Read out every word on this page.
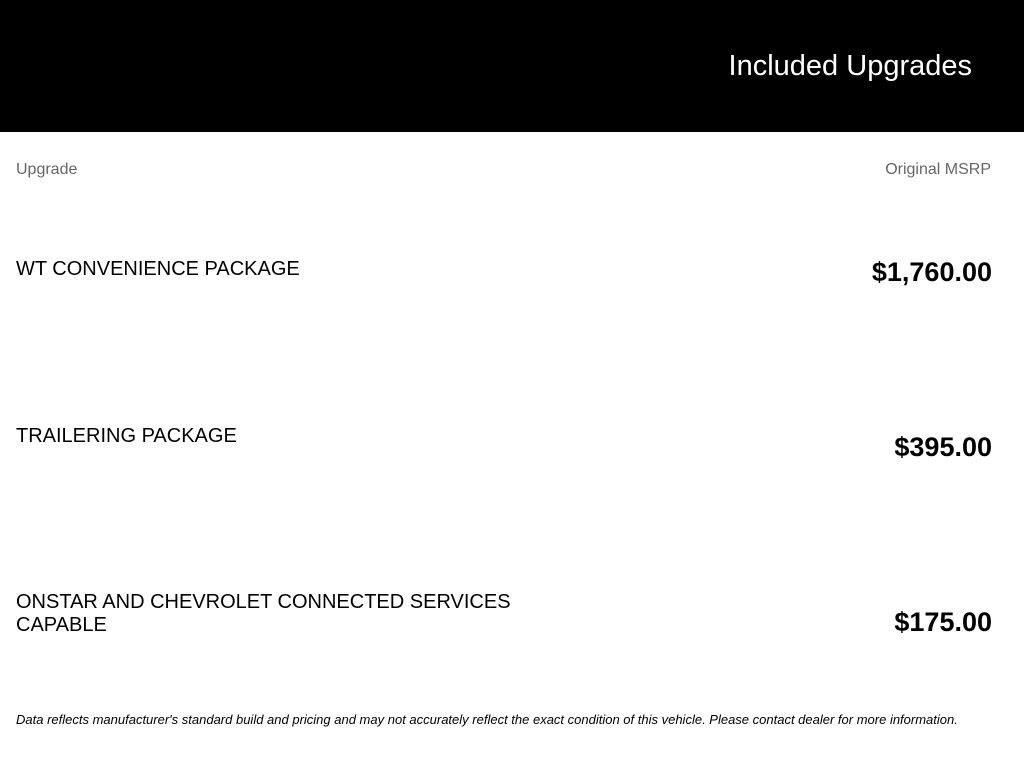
Included Upgrades
Upgrade	Original MSRP
WT CONVENIENCE PACKAGE	$1,760.00
TRAILERING PACKAGE	$395.00
ONSTAR AND CHEVROLET CONNECTED SERVICES CAPABLE	$175.00
Data reflects manufacturer's standard build and pricing and may not accurately reflect the exact condition of this vehicle. Please contact dealer for more information.
